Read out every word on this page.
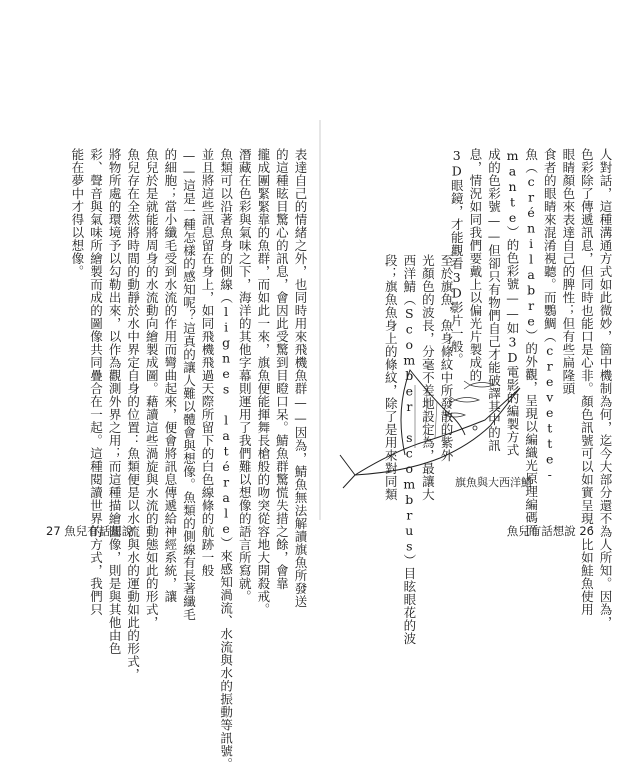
表達自己的情緒之外，也同時用來飛機魚群——因為，鯖魚無法解讀旗魚所發送
的這種眩目驚心的訊息，會因此受驚到目瞪口呆。鯖魚群驚慌失措之餘，會靠
攏成團緊緊靠的魚群，而如此一來，旗魚便能揮舞長槍般的吻突從容地大開殺戒。
潛藏在色彩與氣味之下，海洋的其他字幕則運用了我們難以想像的語言所寫就。
魚類可以沿著魚身的側線（lignes latérale）來感知渦流、水流與水的振動等訊號。
並且將這些訊息留在身上，如同飛機飛過天際所留下的白色線條的航跡一般
——這是一種怎樣的感知呢？這真的讓人難以體會與想像。魚類的側線有長著纖毛
的細胞；當小纖毛受到水流的作用而彎曲起來，便會將訊息傳遞給神經系統，讓
魚兒於是就能將周身的水流動向繪製成圖。藉讀這些渦旋與水流的動態如此的形式，
魚兒存在全然將時間的動靜於水中界定自身的位置：魚類便是以水流與水的運動如此的形式，
將物所處的環境予以勾勒出來，以作為觀測外界之用；而這種描繪圖像，則是與其他由色
彩、聲音與氣味所繪製而成的圖像共同疊合在一起。這種閱讀世界的方式，我們只
能在夢中才得以想像。
27 魚兒有話想說	人對話，這種溝通方式如此微妙，箇中機制為何，迄今大部分還不為人所知。因為，
色彩除了傳遞訊息，但同時也能口是心非。顏色訊號可以如實呈現，比如鮭魚使用
眼睛顏色來表達自己的脾性；但有些扁隆頭
食者的眼睛來混淆視聽。而鸚鯛（crevette-
魚（crénilabre）的外觀，呈現以編織光原理編碼而
mante）的色彩號——如3D電影的編製方式
成的色彩號——但卻只有物們自己才能破譯其中的訊
息，情況如同我們要戴上以偏光片製成的
3D眼鏡，才能觀看3D影片一般。
至於旗魚，魚身條紋中所發散的紫外
光顏色的波長，分毫不差地設定為，最讓大
西洋鯖（Scomber scombrus）目眩眼花的波
段；旗魚魚身上的條紋，除了是用來對同類	旗魚與大西洋鯖
魚兒有話想說 26
